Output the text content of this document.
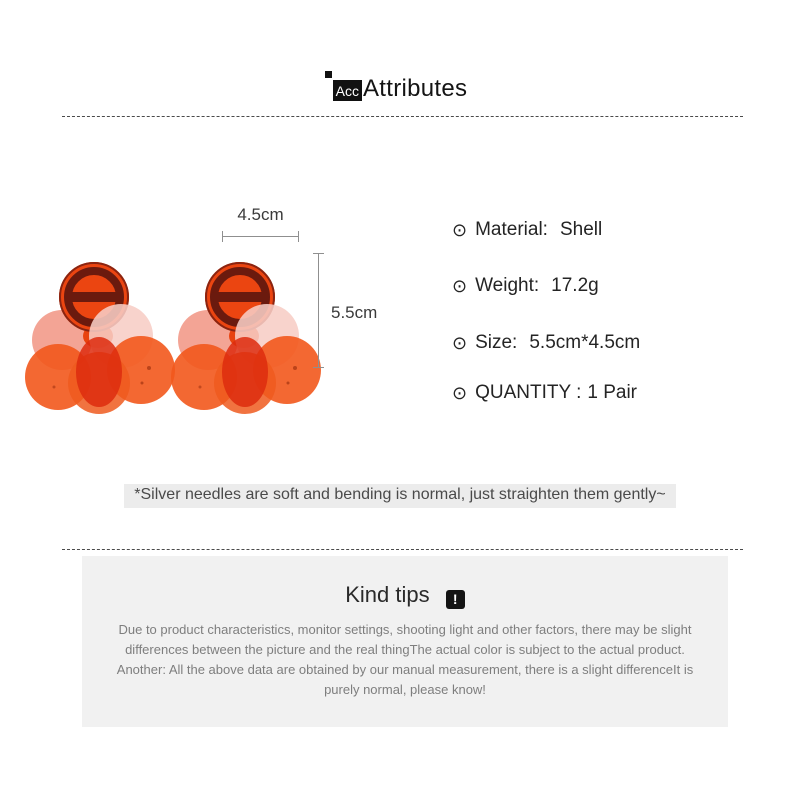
Acc Attributes
4.5cm
5.5cm
⊙ Material: Shell
⊙ Weight: 17.2g
⊙ Size: 5.5cm*4.5cm
⊙ QUANTITY : 1 Pair
*Silver needles are soft and bending is normal, just straighten them gently~
Kind tips !
Due to product characteristics, monitor settings, shooting light and other factors, there may be slight
differences between the picture and the real thingThe actual color is subject to the actual product.
Another: All the above data are obtained by our manual measurement, there is a slight differenceIt is
purely normal, please know!
